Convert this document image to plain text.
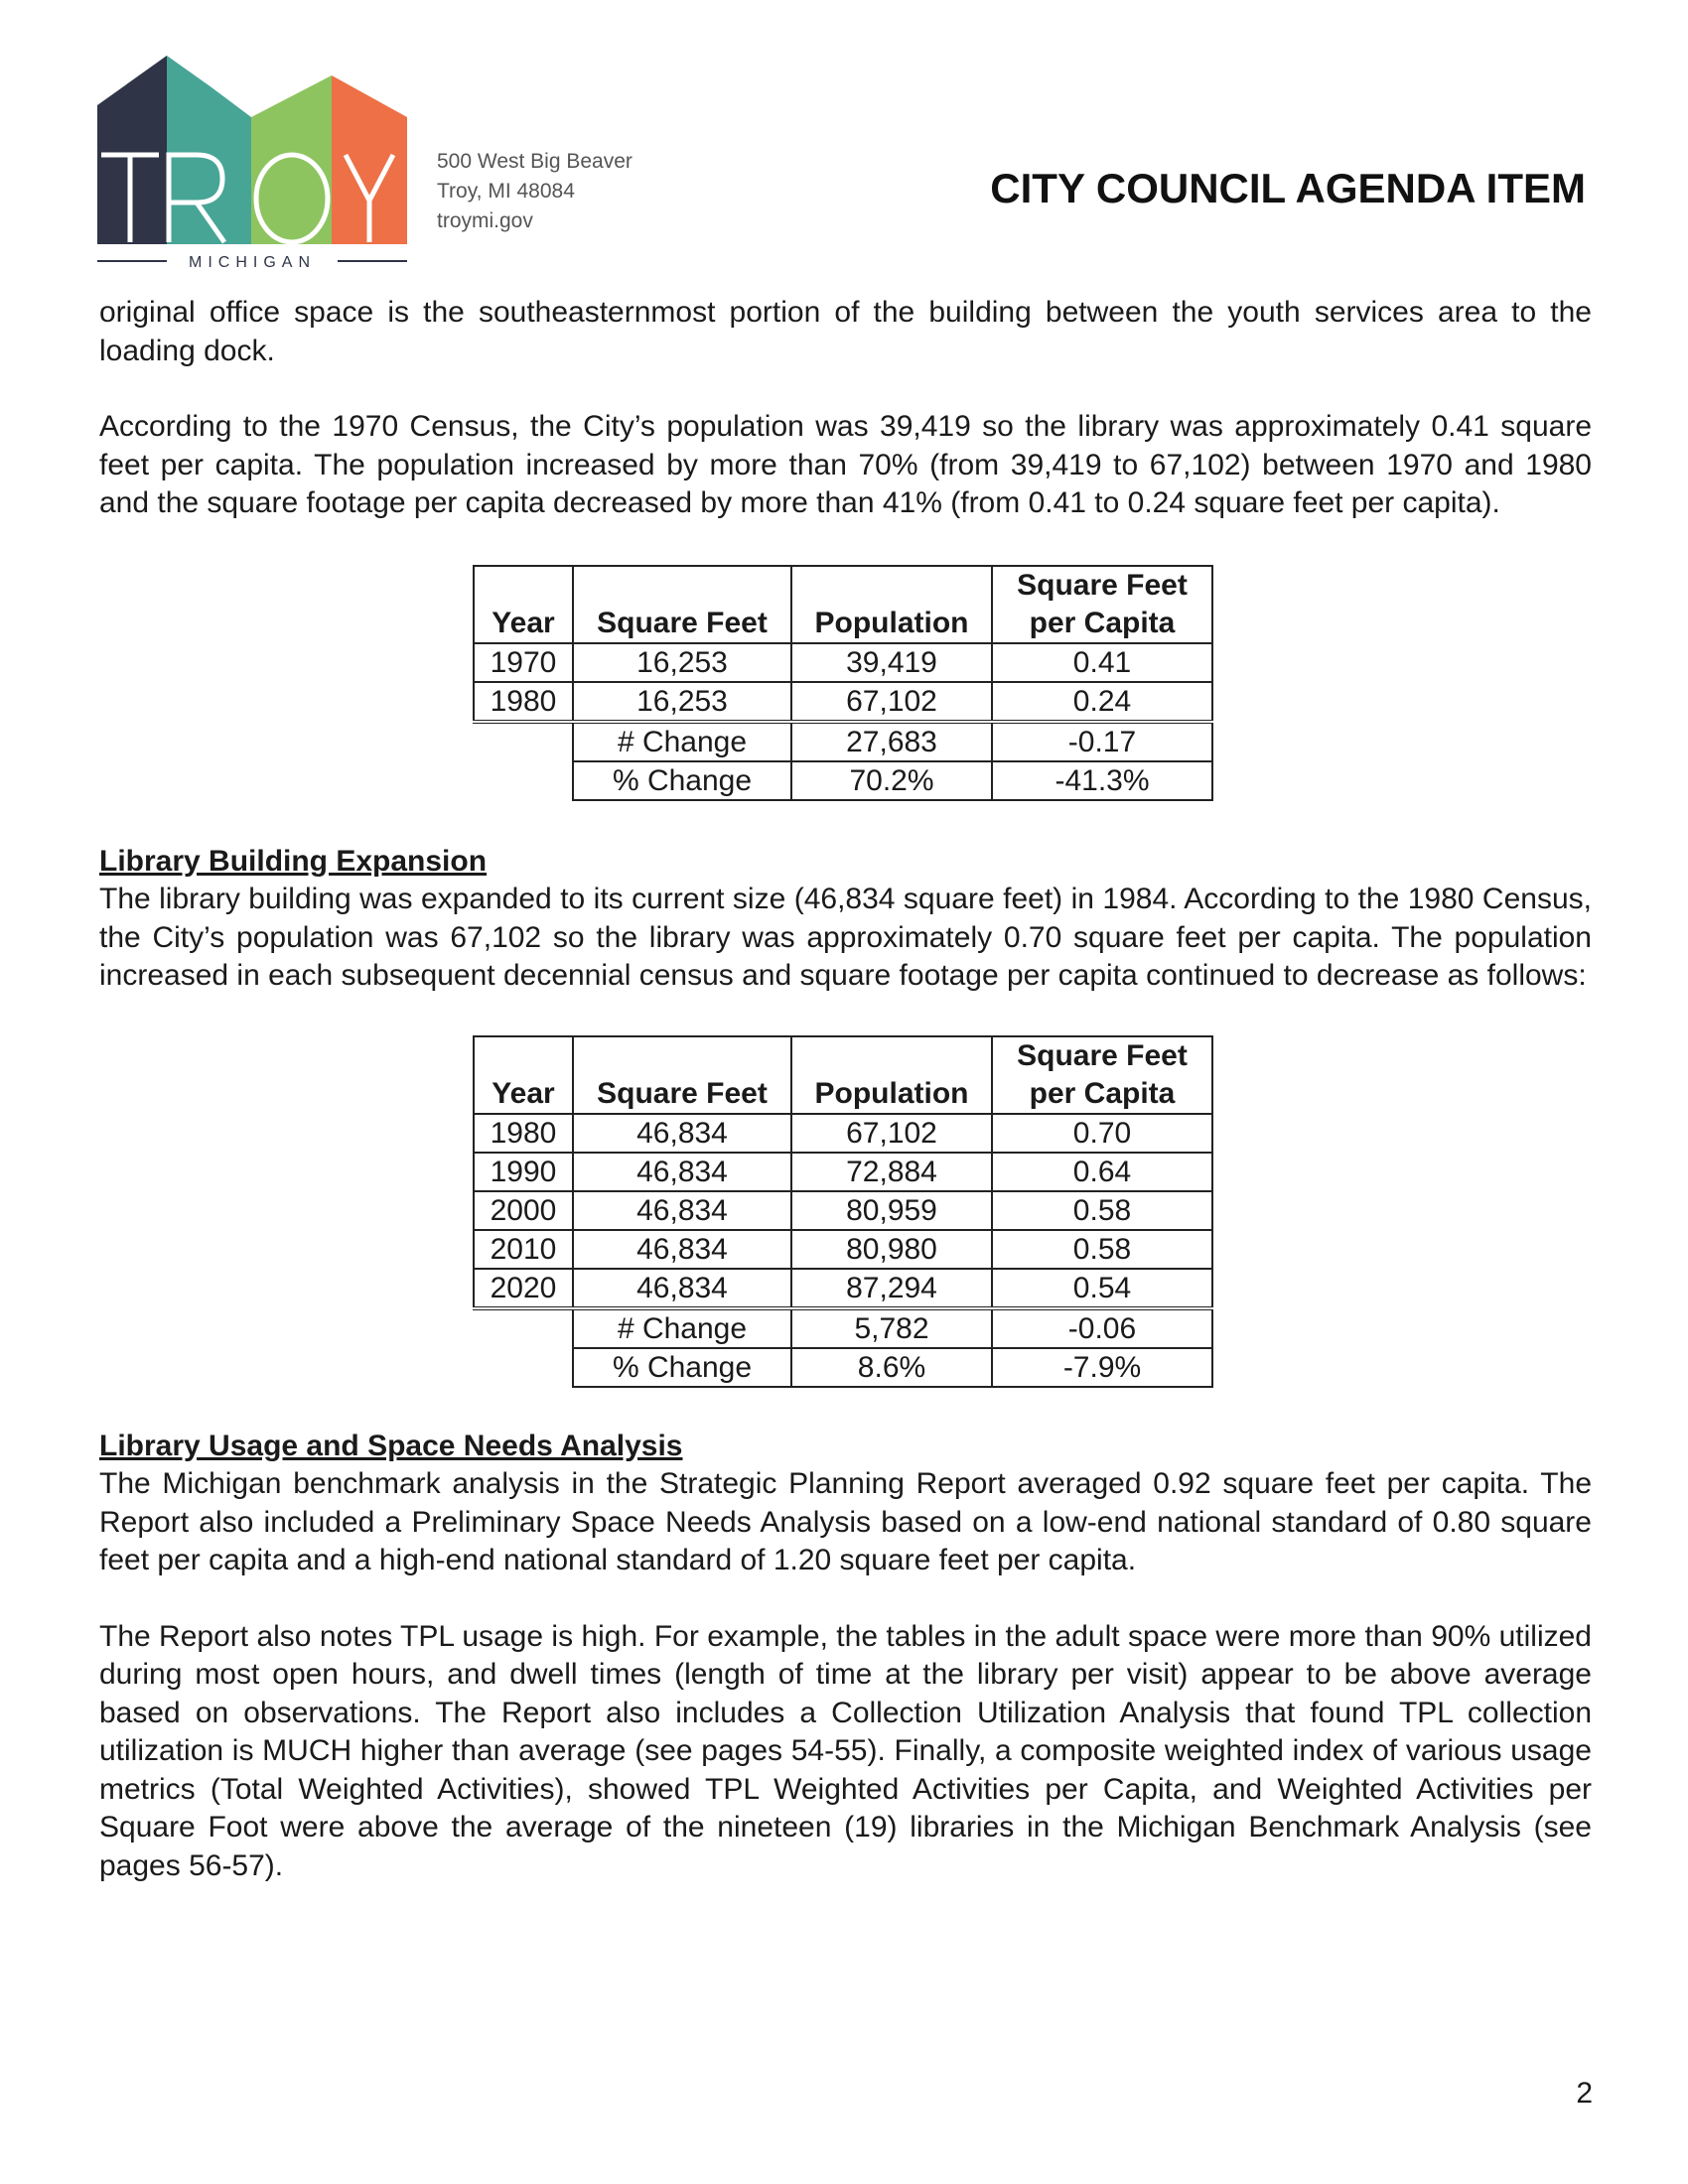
MICHIGAN
500 West Big Beaver
Troy, MI 48084
troymi.gov
CITY COUNCIL AGENDA ITEM

original office space is the southeasternmost portion of the building between the youth services area to the loading dock.

According to the 1970 Census, the City’s population was 39,419 so the library was approximately 0.41 square feet per capita. The population increased by more than 70% (from 39,419 to 67,102) between 1970 and 1980 and the square footage per capita decreased by more than 41% (from 0.41 to 0.24 square feet per capita).

Year	Square Feet	Population	Square Feet
per Capita

1970	16,253	39,419	0.41
1980	16,253	67,102	0.24
	# Change	27,683	-0.17
	% Change	70.2%	-41.3%
Library Building Expansion

The library building was expanded to its current size (46,834 square feet) in 1984. According to the 1980 Census, the City’s population was 67,102 so the library was approximately 0.70 square feet per capita. The population increased in each subsequent decennial census and square footage per capita continued to decrease as follows:

Year	Square Feet	Population	Square Feet
per Capita

1980	46,834	67,102	0.70
1990	46,834	72,884	0.64
2000	46,834	80,959	0.58
2010	46,834	80,980	0.58
2020	46,834	87,294	0.54
	# Change	5,782	-0.06
	% Change	8.6%	-7.9%
Library Usage and Space Needs Analysis

The Michigan benchmark analysis in the Strategic Planning Report averaged 0.92 square feet per capita. The Report also included a Preliminary Space Needs Analysis based on a low-end national standard of 0.80 square feet per capita and a high-end national standard of 1.20 square feet per capita.

The Report also notes TPL usage is high. For example, the tables in the adult space were more than 90% utilized during most open hours, and dwell times (length of time at the library per visit) appear to be above average based on observations. The Report also includes a Collection Utilization Analysis that found TPL collection utilization is MUCH higher than average (see pages 54-55). Finally, a composite weighted index of various usage metrics (Total Weighted Activities), showed TPL Weighted Activities per Capita, and Weighted Activities per Square Foot were above the average of the nineteen (19) libraries in the Michigan Benchmark Analysis (see pages 56-57).

2
